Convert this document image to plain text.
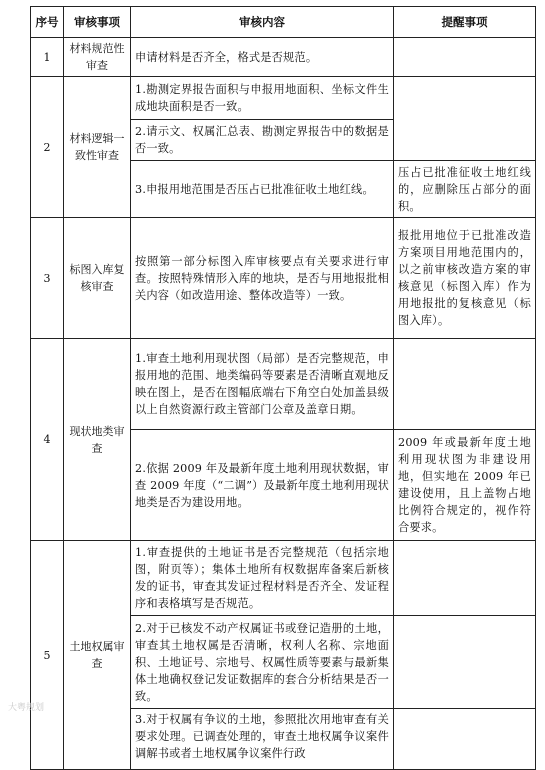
序号	审核事项	审核内容	提醒事项
1	材料规范性审查	申请材料是否齐全，格式是否规范。	
2	材料逻辑一致性审查	1.勘测定界报告面积与申报用地面积、坐标文件生成地块面积是否一致。	
		2.请示文、权属汇总表、勘测定界报告中的数据是否一致。	
		3.申报用地范围是否压占已批准征收土地红线。	压占已批准征收土地红线的，应删除压占部分的面积。
3	标图入库复核审查	按照第一部分标图入库审核要点有关要求进行审查。按照特殊情形入库的地块，是否与用地报批相关内容（如改造用途、整体改造等）一致。	报批用地位于已批准改造方案项目用地范围内的，以之前审核改造方案的审核意见（标图入库）作为用地报批的复核意见（标图入库）。
4	现状地类审查	1.审查土地利用现状图（局部）是否完整规范，申报用地的范围、地类编码等要素是否清晰直观地反映在图上，是否在图幅底端右下角空白处加盖县级以上自然资源行政主管部门公章及盖章日期。	
		2.依据 2009 年及最新年度土地利用现状数据，审查 2009 年度（“二调”）及最新年度土地利用现状地类是否为建设用地。	2009 年或最新年度土地利用现状图为非建设用地，但实地在 2009 年已建设使用，且上盖物占地比例符合规定的，视作符合要求。
5	土地权属审查	1.审查提供的土地证书是否完整规范（包括宗地图，附页等）；集体土地所有权数据库备案后新核发的证书，审查其发证过程材料是否齐全、发证程序和表格填写是否规范。	
		2.对于已核发不动产权属证书或登记造册的土地，审查其土地权属是否清晰，权利人名称、宗地面积、土地证号、宗地号、权属性质等要素与最新集体土地确权登记发证数据库的套合分析结果是否一致。	
		3.对于权属有争议的土地，参照批次用地审查有关要求处理。已调查处理的，审查土地权属争议案件调解书或者土地权属争议案件行政	
大粤规划
